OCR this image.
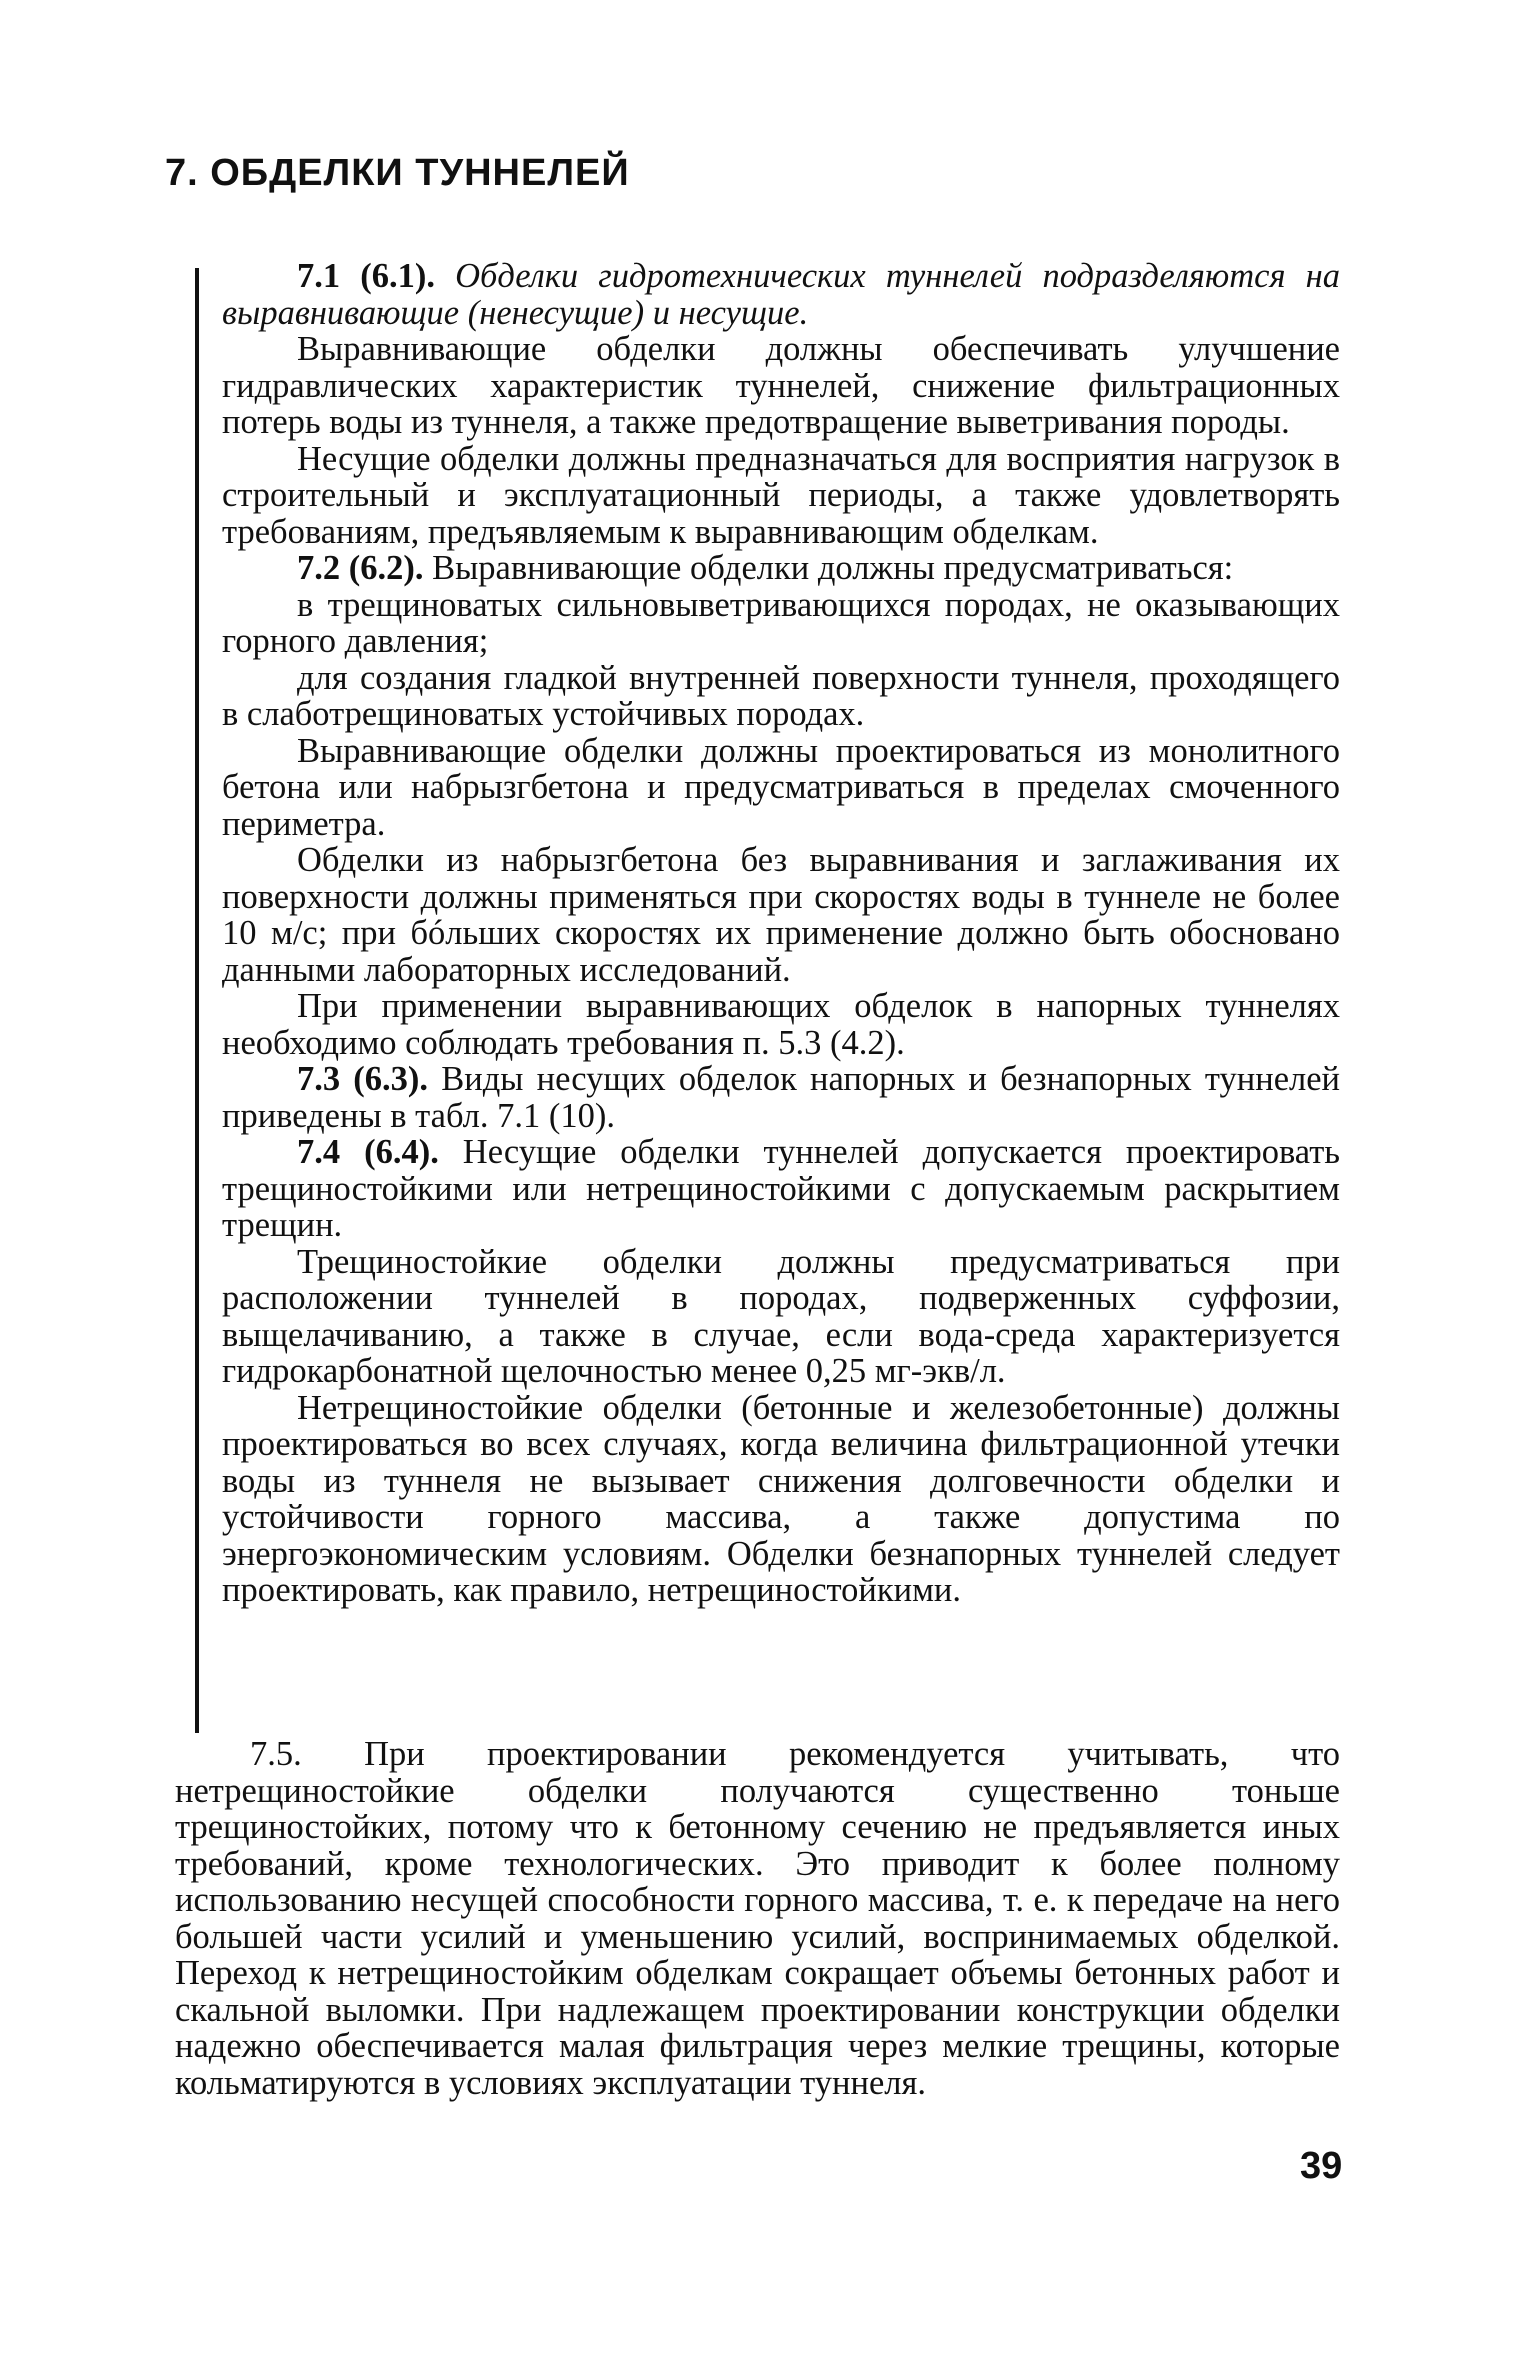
7. ОБДЕЛКИ ТУННЕЛЕЙ

7.1 (6.1). Обделки гидротехнических туннелей подразделяются на выравнивающие (ненесущие) и несущие.

Выравнивающие обделки должны обеспечивать улучшение гидравлических характеристик туннелей, снижение фильтрационных потерь воды из туннеля, а также предотвращение выветривания породы.

Несущие обделки должны предназначаться для восприятия нагрузок в строительный и эксплуатационный периоды, а также удовлетворять требованиям, предъявляемым к выравнивающим обделкам.

7.2 (6.2). Выравнивающие обделки должны предусматриваться:

в трещиноватых сильновыветривающихся породах, не оказывающих горного давления;

для создания гладкой внутренней поверхности туннеля, проходящего в слаботрещиноватых устойчивых породах.

Выравнивающие обделки должны проектироваться из монолитного бетона или набрызгбетона и предусматриваться в пределах смоченного периметра.

Обделки из набрызгбетона без выравнивания и заглаживания их поверхности должны применяться при скоростях воды в туннеле не более 10 м/с; при бóльших скоростях их применение должно быть обосновано данными лабораторных исследований.

При применении выравнивающих обделок в напорных туннелях необходимо соблюдать требования п. 5.3 (4.2).

7.3 (6.3). Виды несущих обделок напорных и безнапорных туннелей приведены в табл. 7.1 (10).

7.4 (6.4). Несущие обделки туннелей допускается проектировать трещиностойкими или нетрещиностойкими с допускаемым раскрытием трещин.

Трещиностойкие обделки должны предусматриваться при расположении туннелей в породах, подверженных суффозии, выщелачиванию, а также в случае, если вода-среда характеризуется гидрокарбонатной щелочностью менее 0,25 мг-экв/л.

Нетрещиностойкие обделки (бетонные и железобетонные) должны проектироваться во всех случаях, когда величина фильтрационной утечки воды из туннеля не вызывает снижения долговечности обделки и устойчивости горного массива, а также допустима по энергоэкономическим условиям. Обделки безнапорных туннелей следует проектировать, как правило, нетрещиностойкими.

7.5. При проектировании рекомендуется учитывать, что нетрещиностойкие обделки получаются существенно тоньше трещиностойких, потому что к бетонному сечению не предъявляется иных требований, кроме технологических. Это приводит к более полному использованию несущей способности горного массива, т. е. к передаче на него большей части усилий и уменьшению усилий, воспринимаемых обделкой. Переход к нетрещиностойким обделкам сокращает объемы бетонных работ и скальной выломки. При надлежащем проектировании конструкции обделки надежно обеспечивается малая фильтрация через мелкие трещины, которые кольматируются в условиях эксплуатации туннеля.

39
